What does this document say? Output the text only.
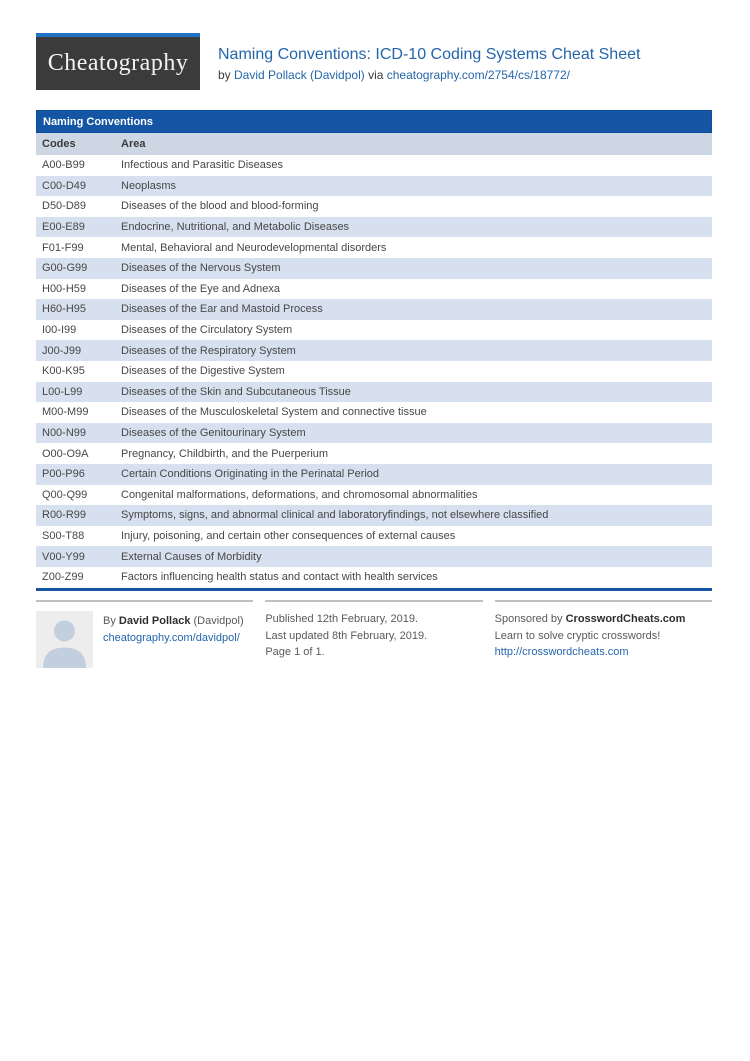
Cheatography Naming Conventions: ICD-10 Coding Systems Cheat Sheet
by David Pollack (Davidpol) via cheatography.com/2754/cs/18772/
Naming Conventions
Codes	Area
A00-B99	Infectious and Parasitic Diseases
C00-D49	Neoplasms
D50-D89	Diseases of the blood and blood-forming
E00-E89	Endocrine, Nutritional, and Metabolic Diseases
F01-F99	Mental, Behavioral and Neurodevelopmental disorders
G00-G99	Diseases of the Nervous System
H00-H59	Diseases of the Eye and Adnexa
H60-H95	Diseases of the Ear and Mastoid Process
I00-I99	Diseases of the Circulatory System
J00-J99	Diseases of the Respiratory System
K00-K95	Diseases of the Digestive System
L00-L99	Diseases of the Skin and Subcutaneous Tissue
M00-M99	Diseases of the Musculoskeletal System and connective tissue
N00-N99	Diseases of the Genitourinary System
O00-O9A	Pregnancy, Childbirth, and the Puerperium
P00-P96	Certain Conditions Originating in the Perinatal Period
Q00-Q99	Congenital malformations, deformations, and chromosomal abnormalities
R00-R99	Symptoms, signs, and abnormal clinical and laboratoryfindings, not elsewhere classified
S00-T88	Injury, poisoning, and certain other consequences of external causes
V00-Y99	External Causes of Morbidity
Z00-Z99	Factors influencing health status and contact with health services
By David Pollack (Davidpol)
cheatography.com/davidpol/
Published 12th February, 2019.
Last updated 8th February, 2019.
Page 1 of 1.
Sponsored by CrosswordCheats.com
Learn to solve cryptic crosswords!
http://crosswordcheats.com
